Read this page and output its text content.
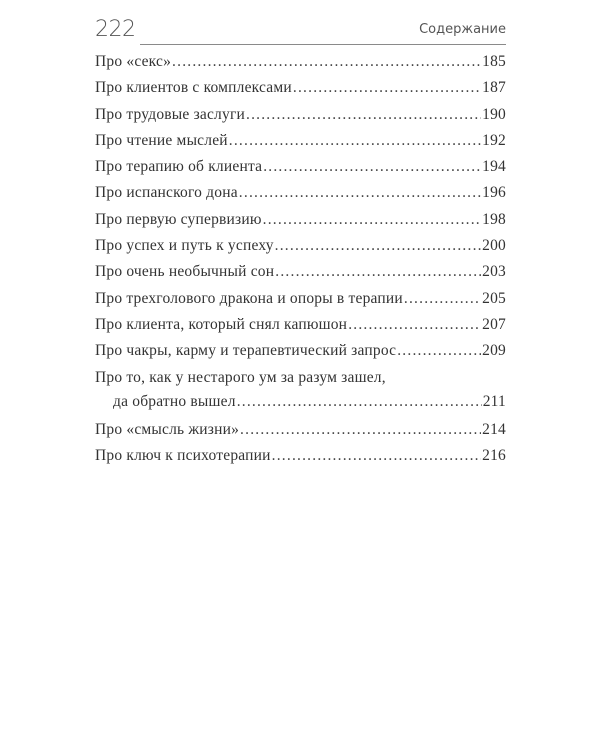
222	Содержание
Про «секс» .....	185
Про клиентов с комплексами .....	187
Про трудовые заслуги .....	190
Про чтение мыслей .....	192
Про терапию об клиента .....	194
Про испанского дона .....	196
Про первую супервизию .....	198
Про успех и путь к успеху .....	200
Про очень необычный сон .....	203
Про трехголового дракона и опоры в терапии .....	205
Про клиента, который снял капюшон .....	207
Про чакры, карму и терапевтический запрос .....	209
Про то, как у нестарого ум за разум зашел,
да обратно вышел .....	211
Про «смысль жизни» .....	214
Про ключ к психотерапии .....	216
